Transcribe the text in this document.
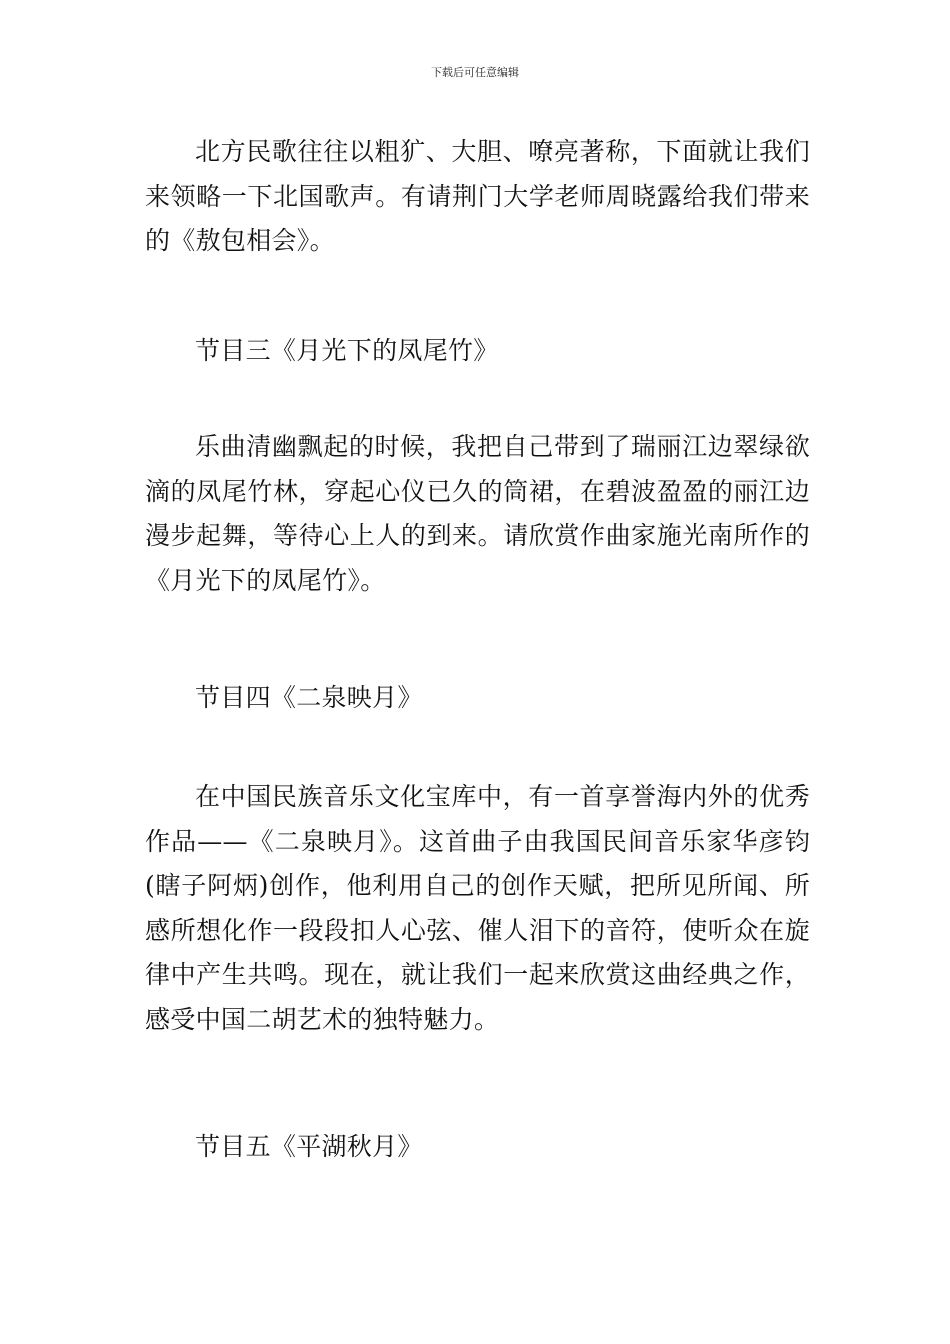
下载后可任意编辑

北方民歌往往以粗犷、大胆、嘹亮著称，下面就让我们来领略一下北国歌声。有请荆门大学老师周晓露给我们带来的《敖包相会》。

节目三《月光下的凤尾竹》

乐曲清幽飘起的时候，我把自己带到了瑞丽江边翠绿欲滴的凤尾竹林，穿起心仪已久的筒裙，在碧波盈盈的丽江边漫步起舞，等待心上人的到来。请欣赏作曲家施光南所作的《月光下的凤尾竹》。

节目四《二泉映月》

在中国民族音乐文化宝库中，有一首享誉海内外的优秀作品——《二泉映月》。这首曲子由我国民间音乐家华彦钧(瞎子阿炳)创作，他利用自己的创作天赋，把所见所闻、所感所想化作一段段扣人心弦、催人泪下的音符，使听众在旋律中产生共鸣。现在，就让我们一起来欣赏这曲经典之作，感受中国二胡艺术的独特魅力。

节目五《平湖秋月》
